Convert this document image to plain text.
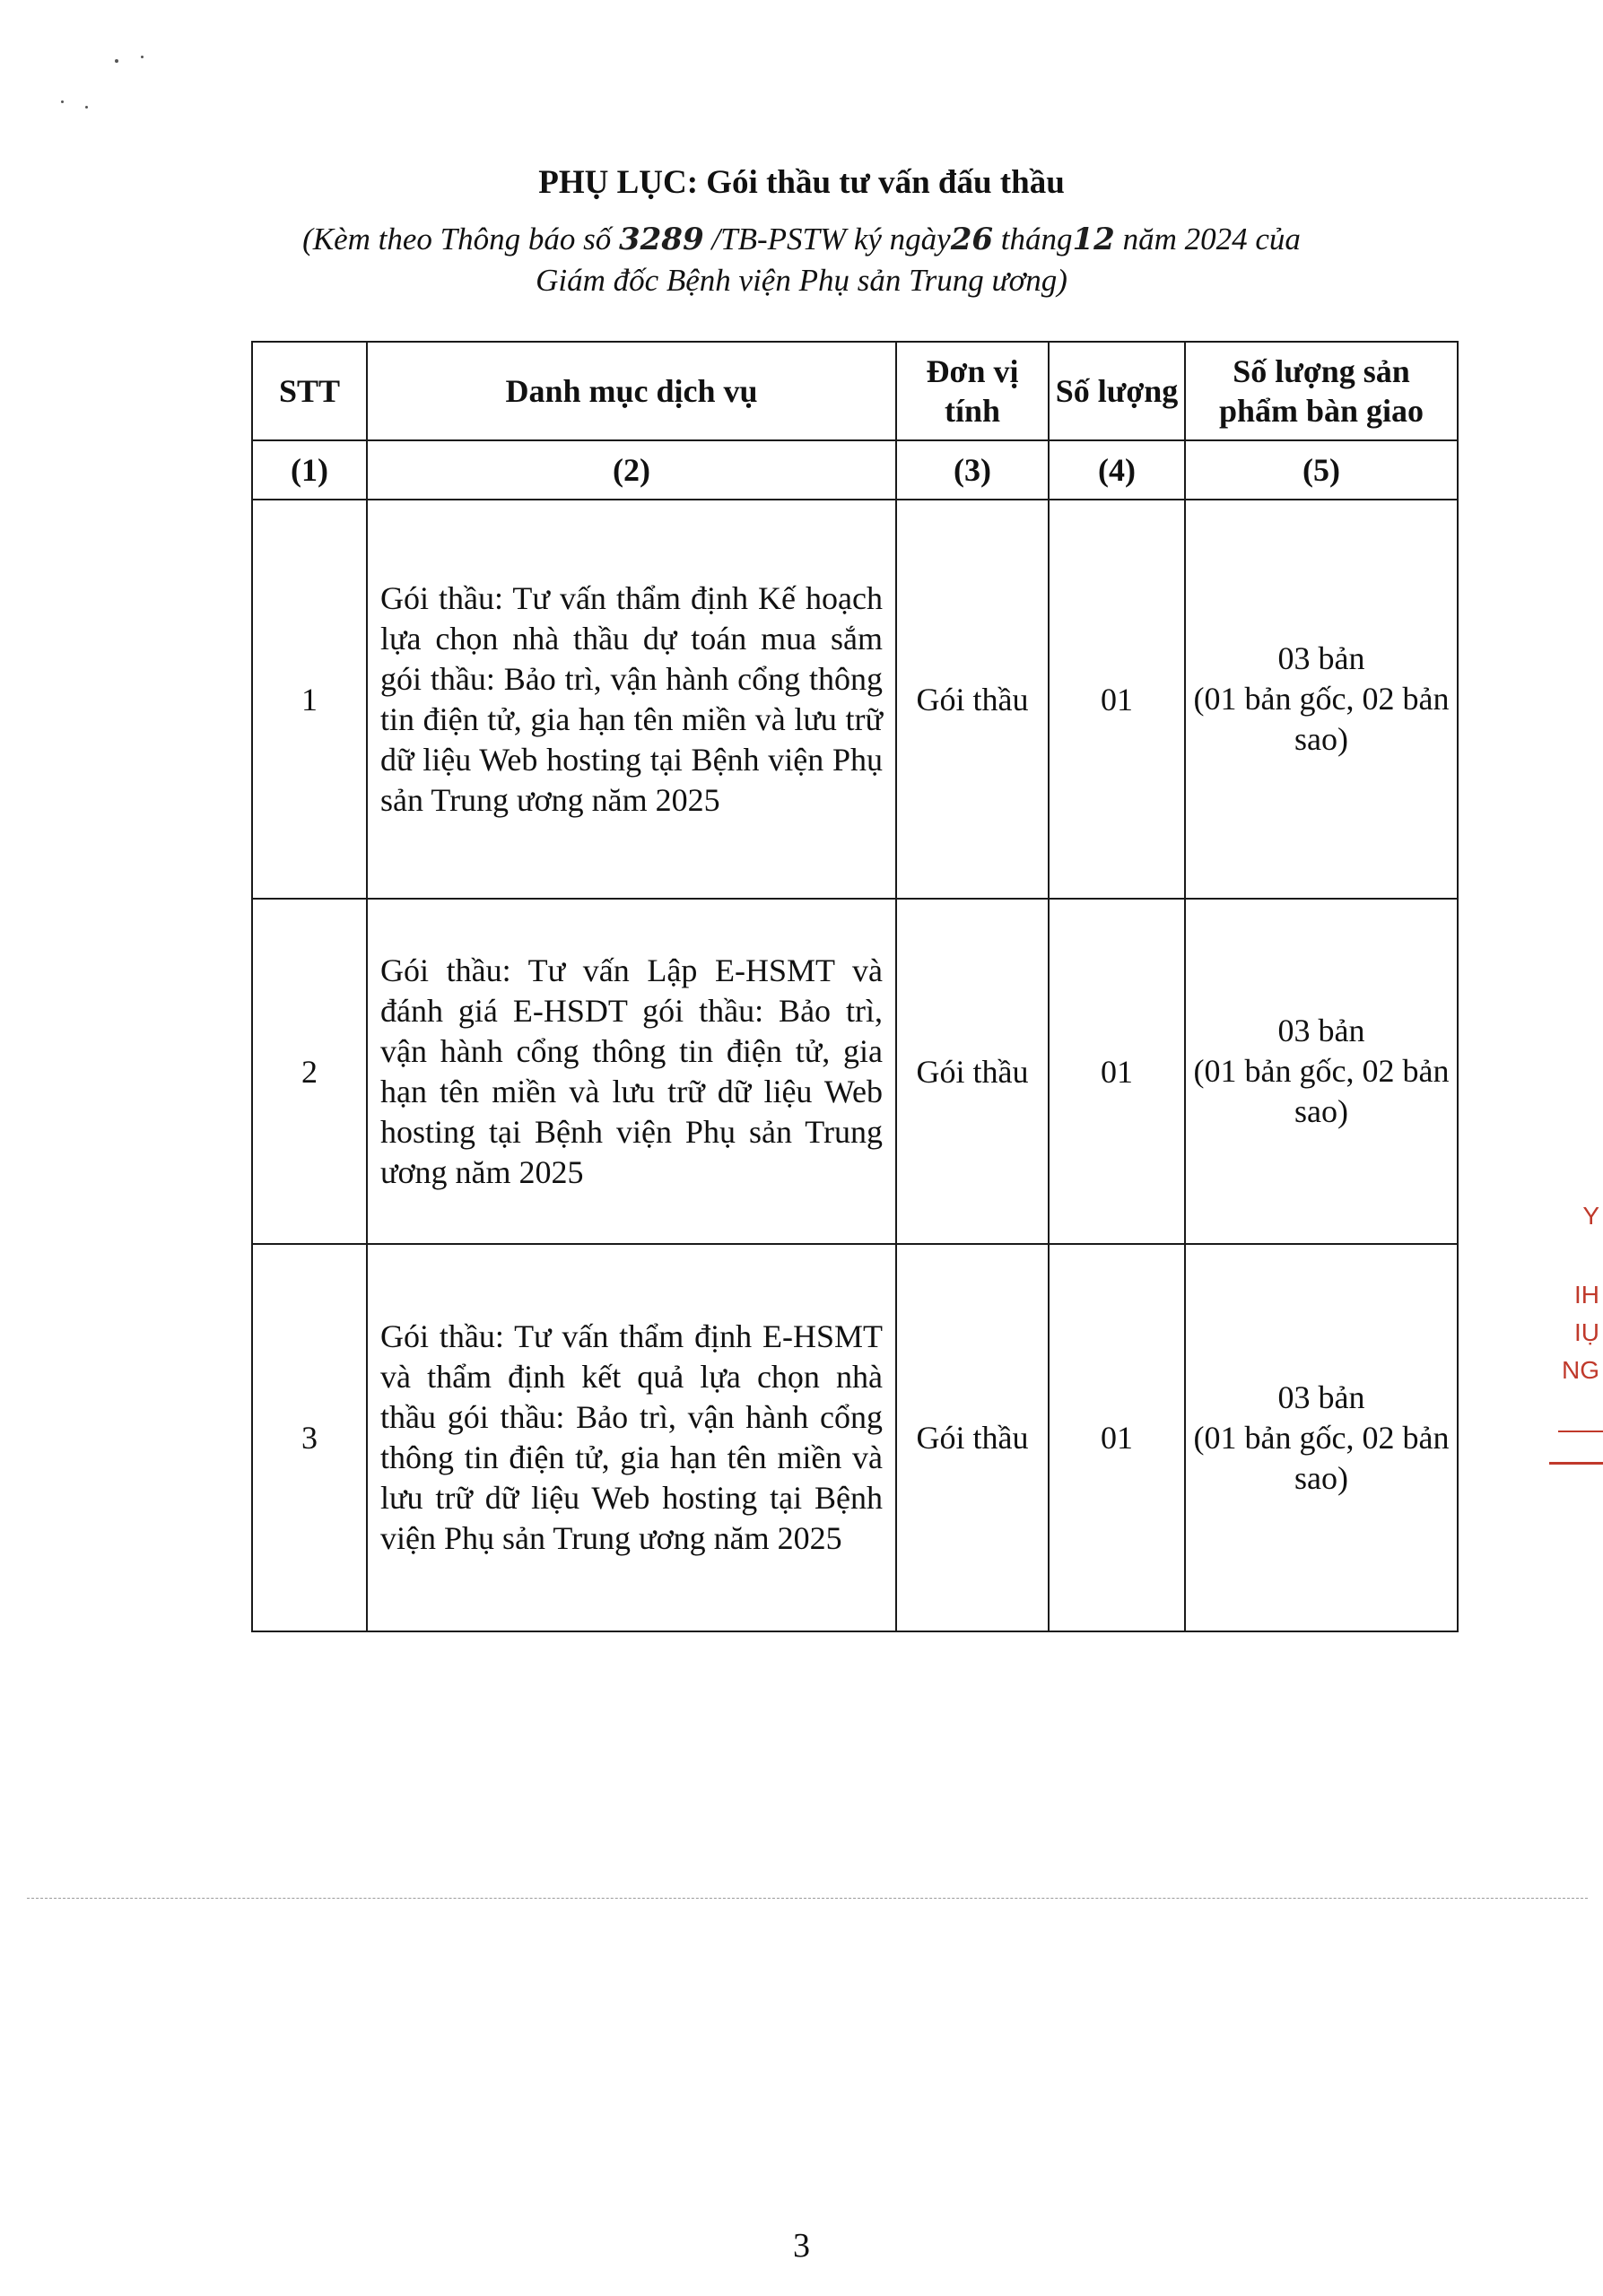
PHỤ LỤC: Gói thầu tư vấn đấu thầu
(Kèm theo Thông báo số 3289 /TB-PSTW ký ngày26 tháng12 năm 2024 của
Giám đốc Bệnh viện Phụ sản Trung ương)
STT	Danh mục dịch vụ	Đơn vị tính	Số lượng	Số lượng sản phẩm bàn giao
(1)	(2)	(3)	(4)	(5)
1	Gói thầu: Tư vấn thẩm định Kế hoạch lựa chọn nhà thầu dự toán mua sắm gói thầu: Bảo trì, vận hành cổng thông tin điện tử, gia hạn tên miền và lưu trữ dữ liệu Web hosting tại Bệnh viện Phụ sản Trung ương năm 2025	Gói thầu	01	03 bản
(01 bản gốc, 02 bản sao)

2	Gói thầu: Tư vấn Lập E-HSMT và đánh giá E-HSDT gói thầu: Bảo trì, vận hành cổng thông tin điện tử, gia hạn tên miền và lưu trữ dữ liệu Web hosting tại Bệnh viện Phụ sản Trung ương năm 2025	Gói thầu	01	03 bản
(01 bản gốc, 02 bản sao)

3	Gói thầu: Tư vấn thẩm định E-HSMT và thẩm định kết quả lựa chọn nhà thầu gói thầu: Bảo trì, vận hành cổng thông tin điện tử, gia hạn tên miền và lưu trữ dữ liệu Web hosting tại Bệnh viện Phụ sản Trung ương năm 2025	Gói thầu	01	03 bản
(01 bản gốc, 02 bản sao)
Y
IH
IỤ
NG
3
